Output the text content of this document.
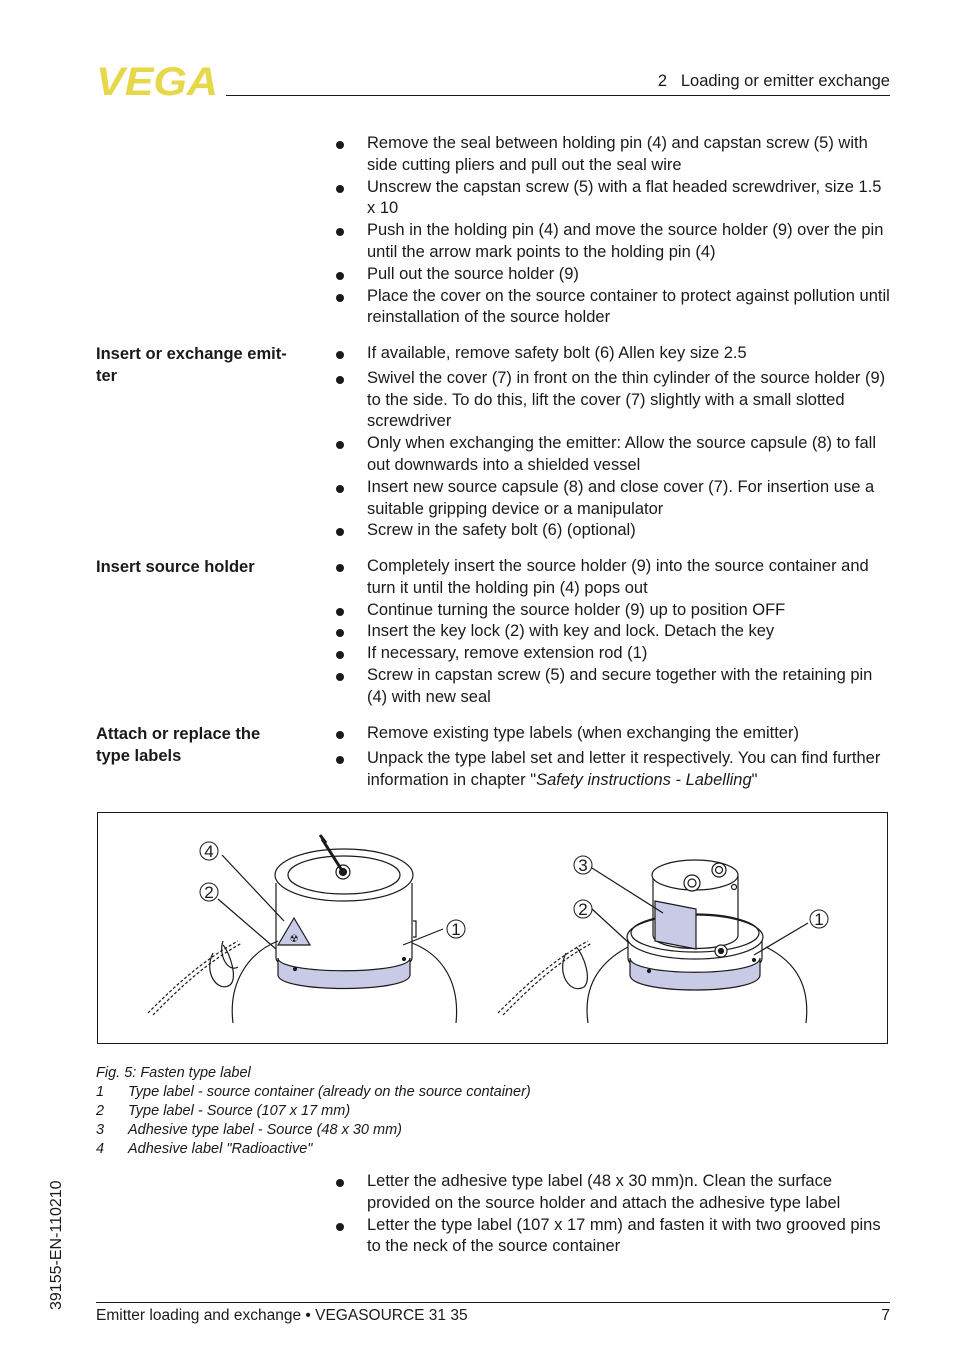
VEGA	2   Loading or emitter exchange
Remove the seal between holding pin (4) and capstan screw (5) with side cutting pliers and pull out the seal wire
Unscrew the capstan screw (5) with a flat headed screwdriver, size 1.5 x 10
Push in the holding pin (4) and move the source holder (9) over the pin until the arrow mark points to the holding pin (4)
Pull out the source holder (9)
Place the cover on the source container to protect against pollution until reinstallation of the source holder
Insert or exchange emit-
ter
If available, remove safety bolt (6) Allen key size 2.5
Swivel the cover (7) in front on the thin cylinder of the source holder (9) to the side. To do this, lift the cover (7) slightly with a small slotted screwdriver
Only when exchanging the emitter: Allow the source capsule (8) to fall out downwards into a shielded vessel
Insert new source capsule (8) and close cover (7). For insertion use a suitable gripping device or a manipulator
Screw in the safety bolt (6) (optional)
Insert source holder	Completely insert the source holder (9) into the source container and turn it until the holding pin (4) pops out
Continue turning the source holder (9) up to position OFF
Insert the key lock (2) with key and lock. Detach the key
If necessary, remove extension rod (1)
Screw in capstan screw (5) and secure together with the retaining pin (4) with new seal
Attach or replace the type labels
Remove existing type labels (when exchanging the emitter)
Unpack the type label set and letter it respectively. You can find further information in chapter "Safety instructions - Labelling"
☢
4
2
1
3
2
1
Fig. 5: Fasten type label
1 Type label - source container (already on the source container)
2 Type label - Source (107 x 17 mm)
3 Adhesive type label - Source (48 x 30 mm)
4 Adhesive label "Radioactive"
Letter the adhesive type label (48 x 30 mm)n. Clean the surface provided on the source holder and attach the adhesive type label
Letter the type label (107 x 17 mm) and fasten it with two grooved pins to the neck of the source container
39155-EN-110210
Emitter loading and exchange • VEGASOURCE 31 35	7
